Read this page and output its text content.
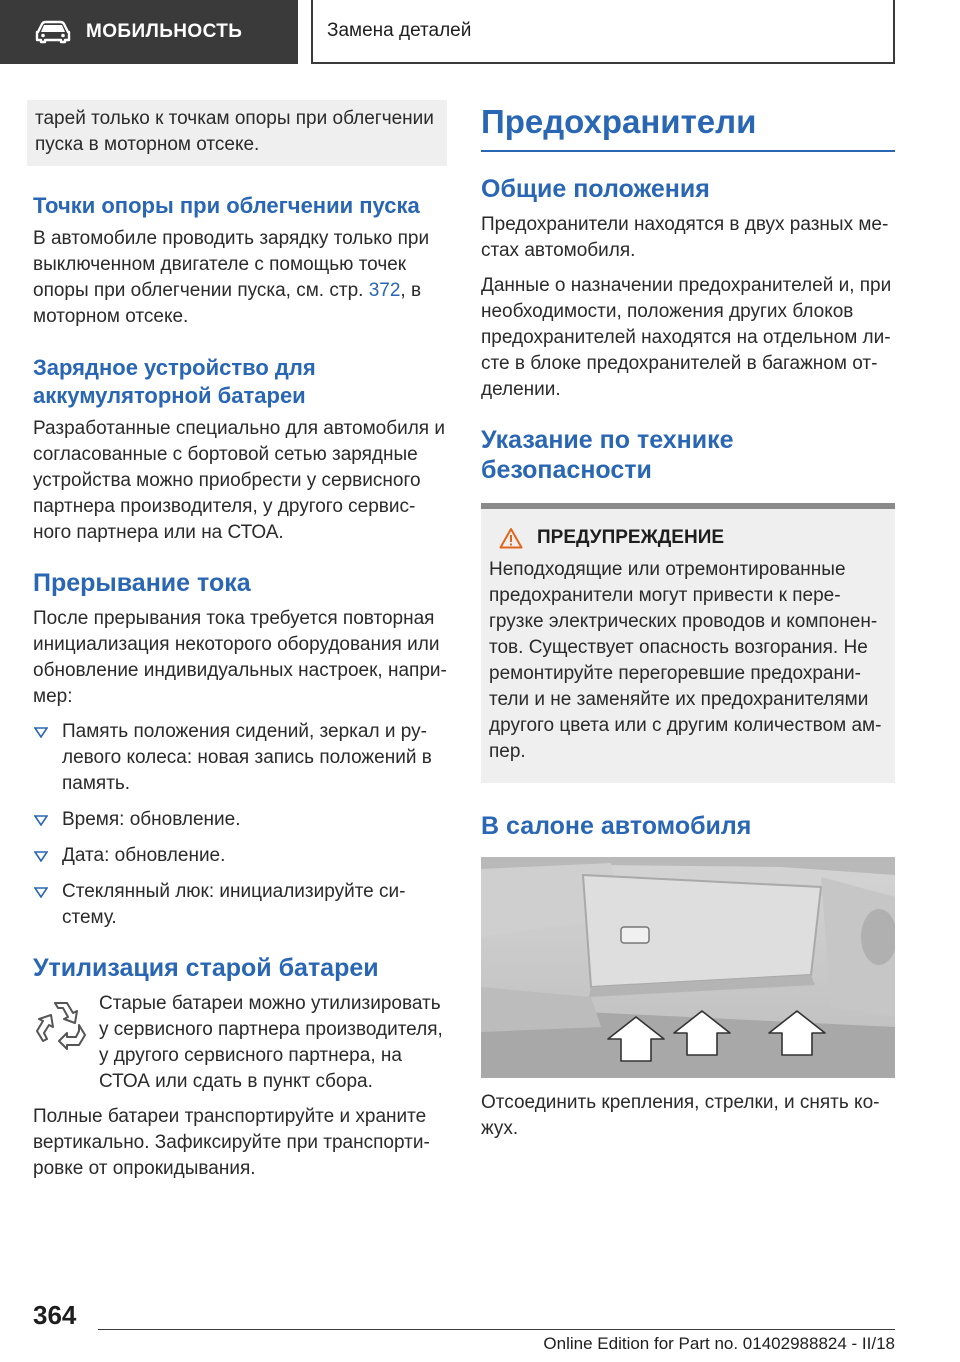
МОБИЛЬНОСТЬ	Замена деталей

тарей только к точкам опоры при облегчении пуска в моторном отсеке.

Точки опоры при облегчении пуска

В автомобиле проводить зарядку только при выключенном двигателе с помощью точек опоры при облегчении пуска, см. стр. 372, в моторном отсеке.

Зарядное устройство для аккумуляторной батареи

Разработанные специально для автомобиля и согласованные с бортовой сетью зарядные устройства можно приобрести у сервисного партнера производителя, у другого сервисного партнера или на СТОА.

Прерывание тока

После прерывания тока требуется повторная инициализация некоторого оборудования или обновление индивидуальных настроек, например:

Память положения сидений, зеркал и рулевого колеса: новая запись положений в память.
Время: обновление.
Дата: обновление.
Стеклянный люк: инициализируйте систему.
Утилизация старой батареи

Старые батареи можно утилизировать у сервисного партнера производителя, у другого сервисного партнера, на СТОА или сдать в пункт сбора.

Полные батареи транспортируйте и храните вертикально. Зафиксируйте при транспортировке от опрокидывания.

Предохранители
Общие положения

Предохранители находятся в двух разных местах автомобиля.

Данные о назначении предохранителей и, при необходимости, положения других блоков предохранителей находятся на отдельном листе в блоке предохранителей в багажном отделении.

Указание по технике безопасности
ПРЕДУПРЕЖДЕНИЕ

Неподходящие или отремонтированные предохранители могут привести к перегрузке электрических проводов и компонентов. Существует опасность возгорания. Не ремонтируйте перегоревшие предохранители и не заменяйте их предохранителями другого цвета или с другим количеством ампер.

В салоне автомобиля

Отсоединить крепления, стрелки, и снять кожух.

364
Online Edition for Part no. 01402988824 - II/18
